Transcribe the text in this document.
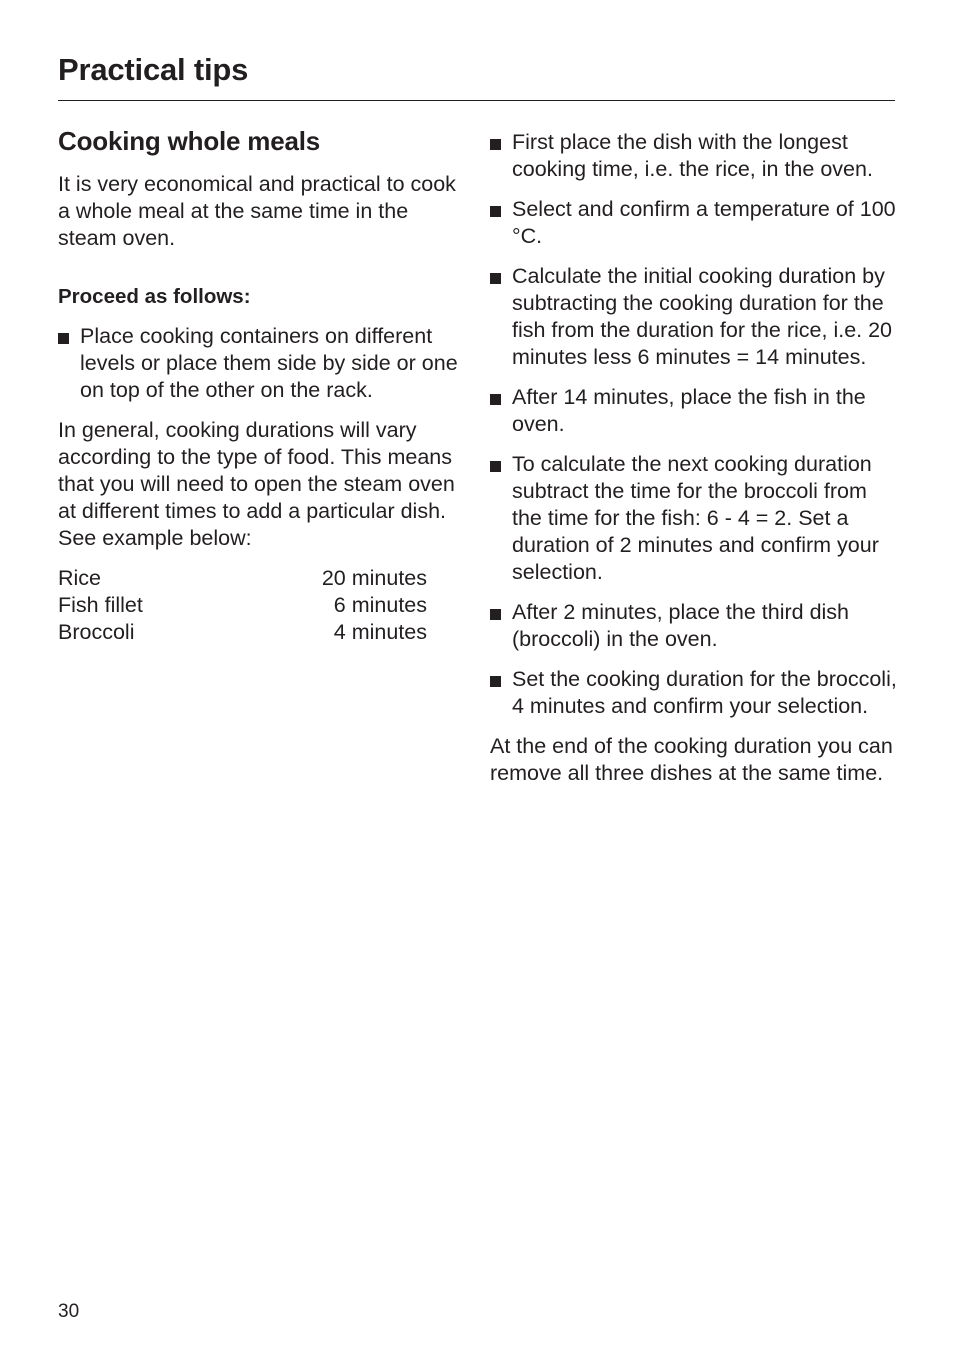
Practical tips
Cooking whole meals

It is very economical and practical to cook a whole meal at the same time in the steam oven.

Proceed as follows:

Place cooking containers on different levels or place them side by side or one on top of the other on the rack.

In general, cooking durations will vary according to the type of food. This means that you will need to open the steam oven at different times to add a particular dish. See example below:

Rice	20 minutes
Fish fillet	6 minutes
Broccoli	4 minutes
First place the dish with the longest cooking time, i.e. the rice, in the oven.
Select and confirm a temperature of 100 °C.
Calculate the initial cooking duration by subtracting the cooking duration for the fish from the duration for the rice, i.e. 20 minutes less 6 minutes = 14 minutes.
After 14 minutes, place the fish in the oven.
To calculate the next cooking duration subtract the time for the broccoli from the time for the fish: 6 - 4 = 2. Set a duration of 2 minutes and confirm your selection.
After 2 minutes, place the third dish (broccoli) in the oven.
Set the cooking duration for the broccoli, 4 minutes and confirm your selection.

At the end of the cooking duration you can remove all three dishes at the same time.

30
